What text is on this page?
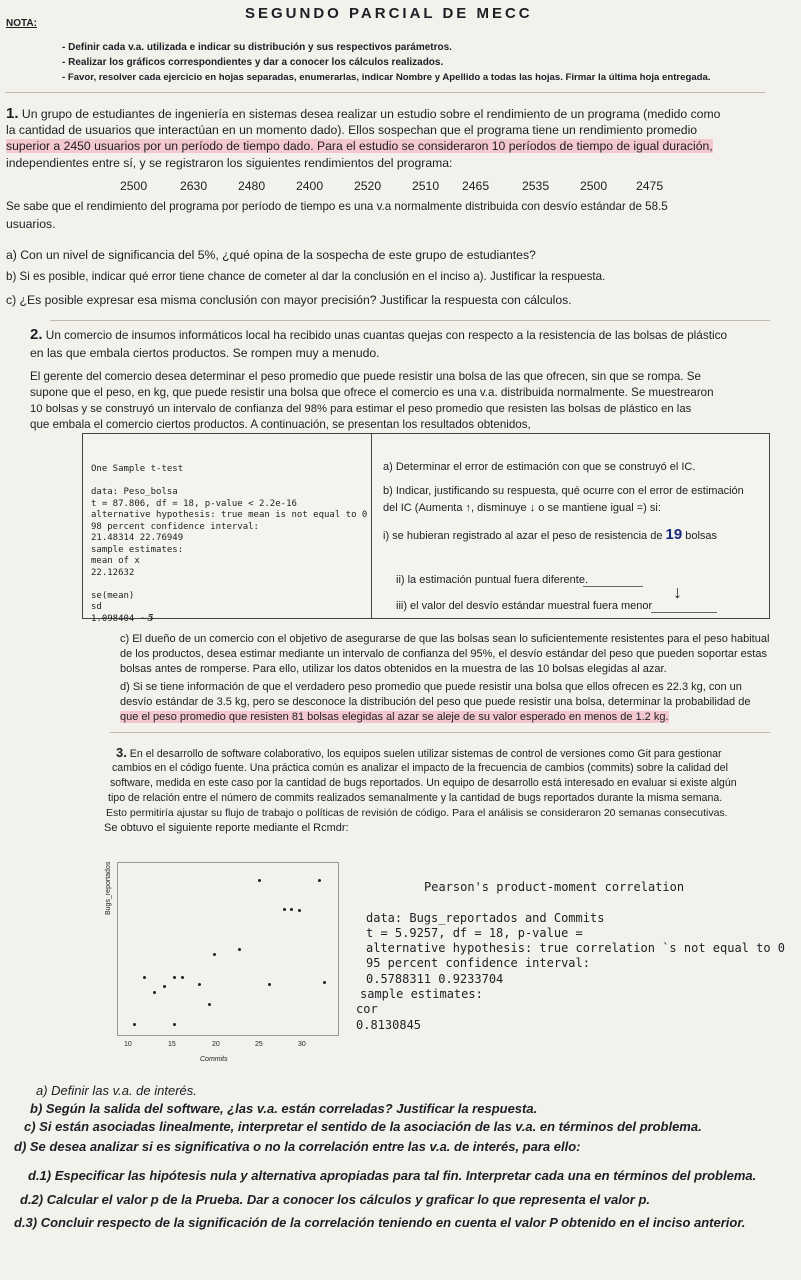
SEGUNDO PARCIAL DE MECC
NOTA:
- Definir cada v.a. utilizada e indicar su distribución y sus respectivos parámetros.
- Realizar los gráficos correspondientes y dar a conocer los cálculos realizados.
- Favor, resolver cada ejercicio en hojas separadas, enumerarlas, indicar Nombre y Apellido a todas las hojas. Firmar la última hoja entregada.
1. Un grupo de estudiantes de ingeniería en sistemas desea realizar un estudio sobre el rendimiento de un programa (medido como
la cantidad de usuarios que interactúan en un momento dado). Ellos sospechan que el programa tiene un rendimiento promedio
superior a 2450 usuarios por un período de tiempo dado. Para el estudio se consideraron 10 períodos de tiempo de igual duración,
independientes entre sí, y se registraron los siguientes rendimientos del programa:
2500	2630	2480	2400	2520	2510 2465	2535	2500 2475
Se sabe que el rendimiento del programa por período de tiempo es una v.a normalmente distribuida con desvío estándar de 58.5
usuarios.
a) Con un nivel de significancia del 5%, ¿qué opina de la sospecha de este grupo de estudiantes?
b) Si es posible, indicar qué error tiene chance de cometer al dar la conclusión en el inciso a). Justificar la respuesta.
c) ¿Es posible expresar esa misma conclusión con mayor precisión? Justificar la respuesta con cálculos.
2. Un comercio de insumos informáticos local ha recibido unas cuantas quejas con respecto a la resistencia de las bolsas de plástico
en las que embala ciertos productos. Se rompen muy a menudo.
El gerente del comercio desea determinar el peso promedio que puede resistir una bolsa de las que ofrecen, sin que se rompa. Se
supone que el peso, en kg, que puede resistir una bolsa que ofrece el comercio es una v.a. distribuida normalmente. Se muestrearon
10 bolsas y se construyó un intervalo de confianza del 98% para estimar el peso promedio que resisten las bolsas de plástico en las
que embala el comercio ciertos productos. A continuación, se presentan los resultados obtenidos,
One Sample t-test

data: Peso_bolsa
t = 87.806, df = 18, p-value < 2.2e-16
alternative hypothesis: true mean is not equal to 0
98 percent confidence interval:
21.48314 22.76949
sample estimates:
mean of x
22.12632

se(mean)
sd
1.098404 ~5
a) Determinar el error de estimación con que se construyó el IC.
b) Indicar, justificando su respuesta, qué ocurre con el error de estimación
del IC (Aumenta ↑, disminuye ↓ o se mantiene igual =) si:
i) se hubieran registrado al azar el peso de resistencia de 19 bolsas
ii) la estimación puntual fuera diferente.
iii) el valor del desvío estándar muestral fuera menor
↓
c) El dueño de un comercio con el objetivo de asegurarse de que las bolsas sean lo suficientemente resistentes para el peso habitual
de los productos, desea estimar mediante un intervalo de confianza del 95%, el desvío estándar del peso que pueden soportar estas
bolsas antes de romperse. Para ello, utilizar los datos obtenidos en la muestra de las 10 bolsas elegidas al azar.
d) Si se tiene información de que el verdadero peso promedio que puede resistir una bolsa que ellos ofrecen es 22.3 kg, con un
desvío estándar de 3.5 kg, pero se desconoce la distribución del peso que puede resistir una bolsa, determinar la probabilidad de
que el peso promedio que resisten 81 bolsas elegidas al azar se aleje de su valor esperado en menos de 1.2 kg.
3. En el desarrollo de software colaborativo, los equipos suelen utilizar sistemas de control de versiones como Git para gestionar
cambios en el código fuente. Una práctica común es analizar el impacto de la frecuencia de cambios (commits) sobre la calidad del
software, medida en este caso por la cantidad de bugs reportados. Un equipo de desarrollo está interesado en evaluar si existe algún
tipo de relación entre el número de commits realizados semanalmente y la cantidad de bugs reportados durante la misma semana.
Esto permitiría ajustar su flujo de trabajo o políticas de revisión de código. Para el análisis se consideraron 20 semanas consecutivas.
Se obtuvo el siguiente reporte mediante el Rcmdr:
Bugs_reportados
10	15	20	25	30
Commits
Pearson's product-moment correlation

data: Bugs_reportados and Commits
t = 5.9257, df = 18, p-value =
alternative hypothesis: true correlation `s not equal to 0
95 percent confidence interval:
0.5788311 0.9233704
sample estimates:
cor
0.8130845
a) Definir las v.a. de interés.
b) Según la salida del software, ¿las v.a. están correladas? Justificar la respuesta.
c) Si están asociadas linealmente, interpretar el sentido de la asociación de las v.a. en términos del problema.
d) Se desea analizar si es significativa o no la correlación entre las v.a. de interés, para ello:
d.1) Especificar las hipótesis nula y alternativa apropiadas para tal fin. Interpretar cada una en términos del problema.
d.2) Calcular el valor p de la Prueba. Dar a conocer los cálculos y graficar lo que representa el valor p.
d.3) Concluir respecto de la significación de la correlación teniendo en cuenta el valor P obtenido en el inciso anterior.
